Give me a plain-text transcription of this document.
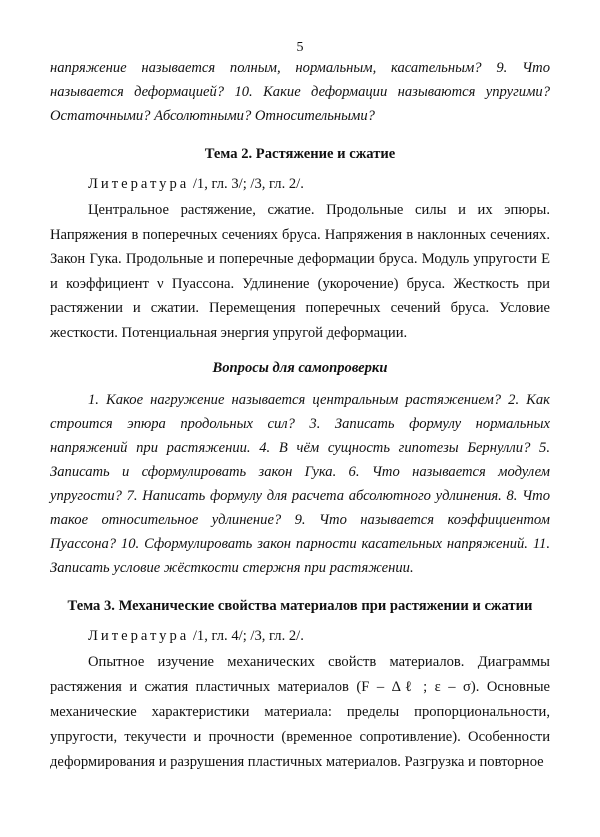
5
напряжение называется полным, нормальным, касательным? 9. Что называется деформацией? 10. Какие деформации называются упругими? Остаточными? Абсолютными? Относительными?
Тема 2. Растяжение и сжатие
Литература /1, гл. 3/; /3, гл. 2/.
Центральное растяжение, сжатие. Продольные силы и их эпюры. Напряжения в поперечных сечениях бруса. Напряжения в наклонных сечениях. Закон Гука. Продольные и поперечные деформации бруса. Модуль упругости E и коэффициент ν Пуассона. Удлинение (укорочение) бруса. Жесткость при растяжении и сжатии. Перемещения поперечных сечений бруса. Условие жесткости. Потенциальная энергия упругой деформации.
Вопросы для самопроверки
1. Какое нагружение называется центральным растяжением? 2. Как строится эпюра продольных сил? 3. Записать формулу нормальных напряжений при растяжении. 4. В чём сущность гипотезы Бернулли? 5. Записать и сформулировать закон Гука. 6. Что называется модулем упругости? 7. Написать формулу для расчета абсолютного удлинения. 8. Что такое относительное удлинение? 9. Что называется коэффициентом Пуассона? 10. Сформулировать закон парности касательных напряжений. 11. Записать условие жёсткости стержня при растяжении.
Тема 3. Механические свойства материалов при растяжении и сжатии
Литература /1, гл. 4/; /3, гл. 2/.
Опытное изучение механических свойств материалов. Диаграммы растяжения и сжатия пластичных материалов (F – Δℓ ; ε – σ). Основные механические характеристики материала: пределы пропорциональности, упругости, текучести и прочности (временное сопротивление). Особенности деформирования и разрушения пластичных материалов. Разгрузка и повторное
